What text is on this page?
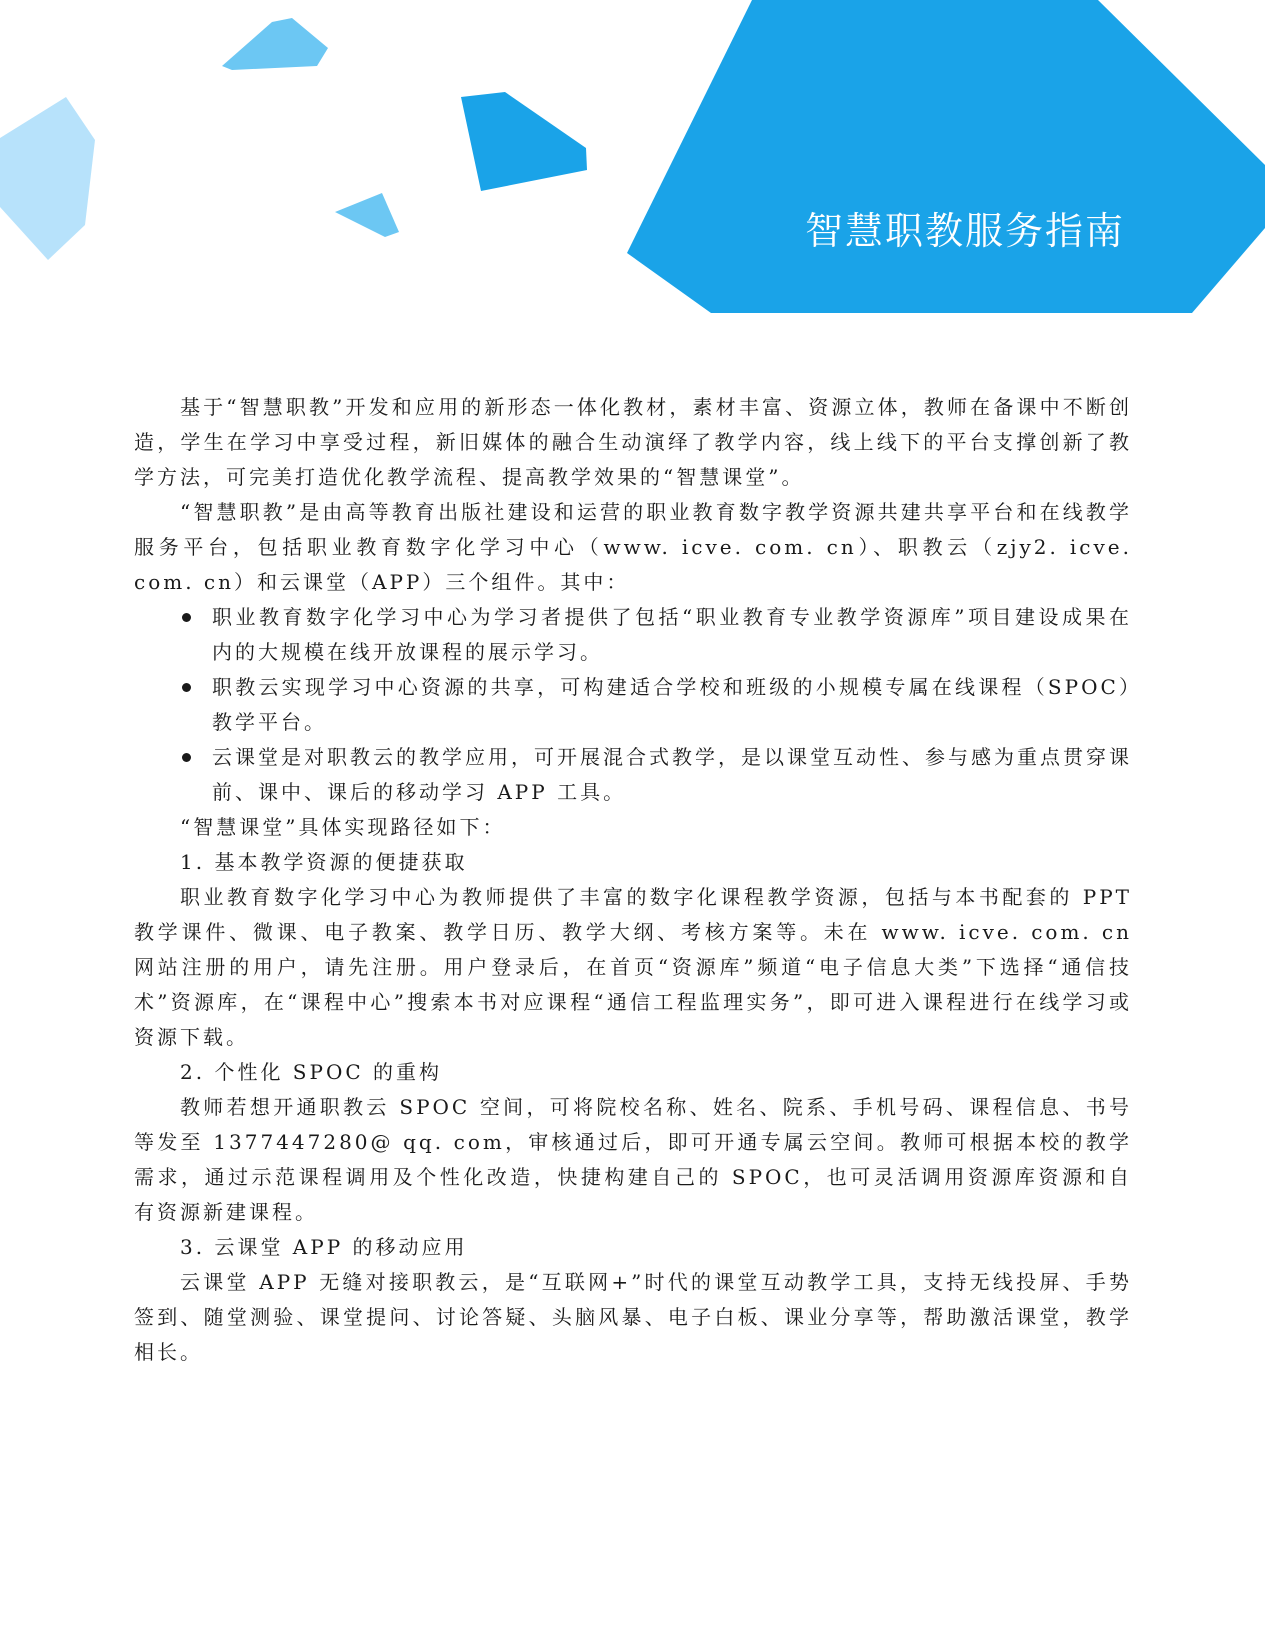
智慧职教服务指南

基于“智慧职教”开发和应用的新形态一体化教材，素材丰富、资源立体，教师在备课中不断创造，学生在学习中享受过程，新旧媒体的融合生动演绎了教学内容，线上线下的平台支撑创新了教学方法，可完美打造优化教学流程、提高教学效果的“智慧课堂”。

“智慧职教”是由高等教育出版社建设和运营的职业教育数字教学资源共建共享平台和在线教学服务平台，包括职业教育数字化学习中心（www. icve. com. cn）、职教云（zjy2. icve. com. cn）和云课堂（APP）三个组件。其中：

职业教育数字化学习中心为学习者提供了包括“职业教育专业教学资源库”项目建设成果在内的大规模在线开放课程的展示学习。
职教云实现学习中心资源的共享，可构建适合学校和班级的小规模专属在线课程（SPOC）教学平台。
云课堂是对职教云的教学应用，可开展混合式教学，是以课堂互动性、参与感为重点贯穿课前、课中、课后的移动学习 APP 工具。

“智慧课堂”具体实现路径如下：

1. 基本教学资源的便捷获取

职业教育数字化学习中心为教师提供了丰富的数字化课程教学资源，包括与本书配套的 PPT 教学课件、微课、电子教案、教学日历、教学大纲、考核方案等。未在 www. icve. com. cn 网站注册的用户，请先注册。用户登录后，在首页“资源库”频道“电子信息大类”下选择“通信技术”资源库，在“课程中心”搜索本书对应课程“通信工程监理实务”，即可进入课程进行在线学习或资源下载。

2. 个性化 SPOC 的重构

教师若想开通职教云 SPOC 空间，可将院校名称、姓名、院系、手机号码、课程信息、书号等发至 1377447280@ qq. com，审核通过后，即可开通专属云空间。教师可根据本校的教学需求，通过示范课程调用及个性化改造，快捷构建自己的 SPOC，也可灵活调用资源库资源和自有资源新建课程。

3. 云课堂 APP 的移动应用

云课堂 APP 无缝对接职教云，是“互联网+”时代的课堂互动教学工具，支持无线投屏、手势签到、随堂测验、课堂提问、讨论答疑、头脑风暴、电子白板、课业分享等，帮助激活课堂，教学相长。
